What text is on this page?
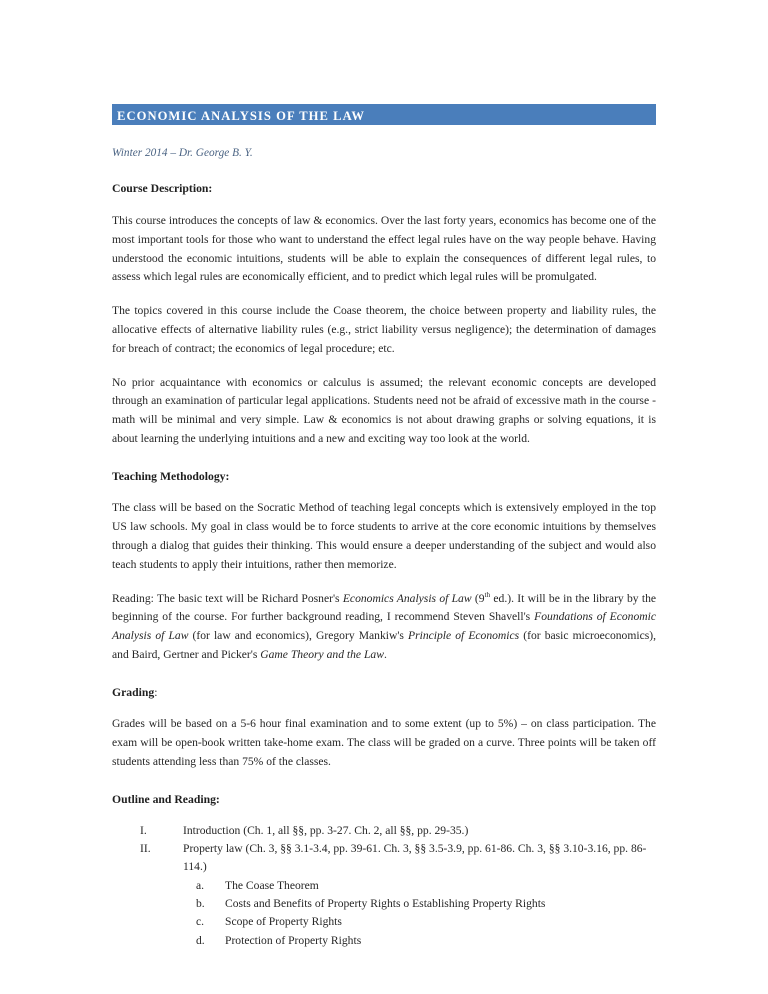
ECONOMIC ANALYSIS OF THE LAW
Winter 2014 – Dr. George B. Y.
Course Description:
This course introduces the concepts of law & economics. Over the last forty years, economics has become one of the most important tools for those who want to understand the effect legal rules have on the way people behave. Having understood the economic intuitions, students will be able to explain the consequences of different legal rules, to assess which legal rules are economically efficient, and to predict which legal rules will be promulgated.
The topics covered in this course include the Coase theorem, the choice between property and liability rules, the allocative effects of alternative liability rules (e.g., strict liability versus negligence); the determination of damages for breach of contract; the economics of legal procedure; etc.
No prior acquaintance with economics or calculus is assumed; the relevant economic concepts are developed through an examination of particular legal applications. Students need not be afraid of excessive math in the course - math will be minimal and very simple. Law & economics is not about drawing graphs or solving equations, it is about learning the underlying intuitions and a new and exciting way too look at the world.
Teaching Methodology:
The class will be based on the Socratic Method of teaching legal concepts which is extensively employed in the top US law schools. My goal in class would be to force students to arrive at the core economic intuitions by themselves through a dialog that guides their thinking. This would ensure a deeper understanding of the subject and would also teach students to apply their intuitions, rather then memorize.
Reading: The basic text will be Richard Posner's Economics Analysis of Law (9th ed.). It will be in the library by the beginning of the course. For further background reading, I recommend Steven Shavell's Foundations of Economic Analysis of Law (for law and economics), Gregory Mankiw's Principle of Economics (for basic microeconomics), and Baird, Gertner and Picker's Game Theory and the Law.
Grading:
Grades will be based on a 5-6 hour final examination and to some extent (up to 5%) – on class participation. The exam will be open-book written take-home exam. The class will be graded on a curve. Three points will be taken off students attending less than 75% of the classes.
Outline and Reading:
I.	Introduction (Ch. 1, all §§, pp. 3-27. Ch. 2, all §§, pp. 29-35.)
II.	Property law (Ch. 3, §§ 3.1-3.4, pp. 39-61. Ch. 3, §§ 3.5-3.9, pp. 61-86. Ch. 3, §§ 3.10-3.16, pp. 86-114.)
a.	The Coase Theorem
b.	Costs and Benefits of Property Rights o Establishing Property Rights
c.	Scope of Property Rights
d.	Protection of Property Rights
